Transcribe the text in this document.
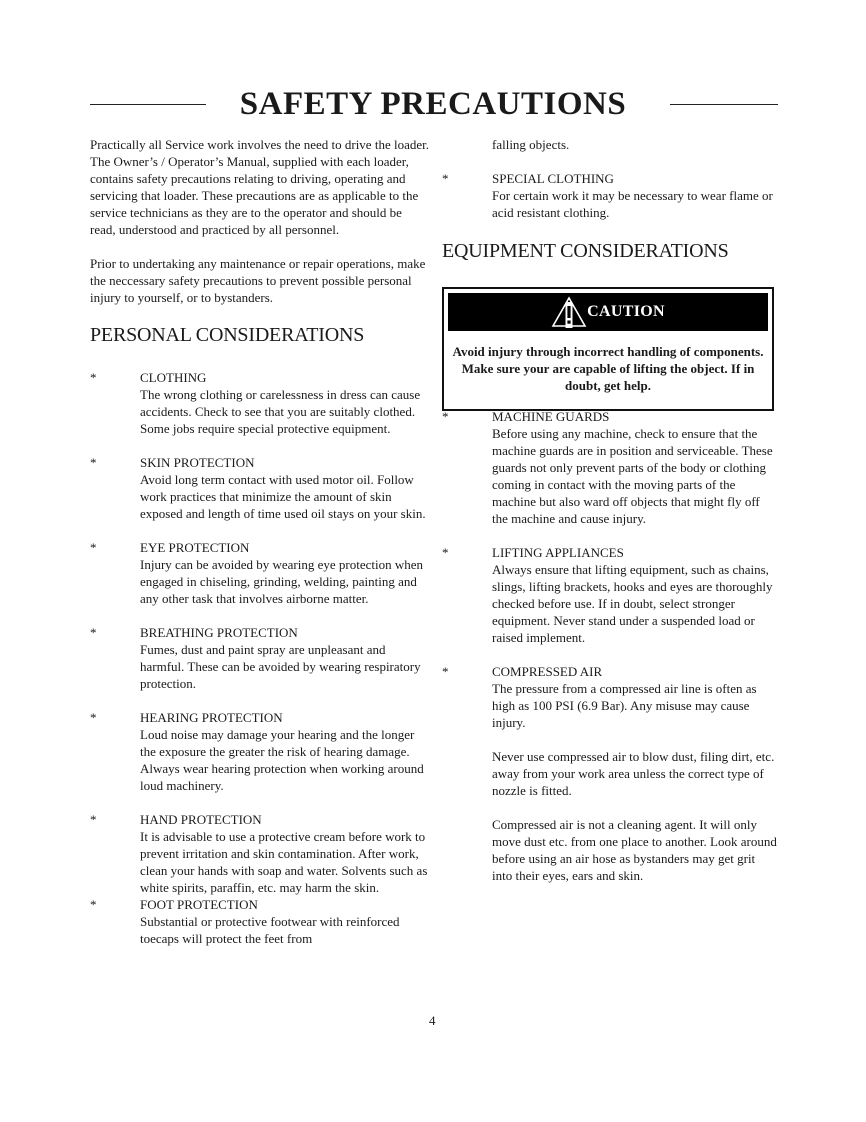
SAFETY PRECAUTIONS

Practically all Service work involves the need to drive the loader. The Owner’s / Operator’s Manual, supplied with each loader, contains safety precautions relating to driving, operating and servicing that loader. These precautions are as applicable to the service technicians as they are to the operator and should be read, understood and practiced by all personnel.

Prior to undertaking any maintenance or repair operations, make the neccessary safety precautions to prevent possible personal injury to yourself, or to bystanders.

PERSONAL CONSIDERATIONS
*	CLOTHING
The wrong clothing or carelessness in dress can cause accidents. Check to see that you are suitably clothed. Some jobs require special protective equipment.
*	SKIN PROTECTION
Avoid long term contact with used motor oil. Follow work practices that minimize the amount of skin exposed and length of time used oil stays on your skin.
*	EYE PROTECTION
Injury can be avoided by wearing eye protection when engaged in chiseling, grinding, welding, painting and any other task that involves airborne matter.
*	BREATHING PROTECTION
Fumes, dust and paint spray are unpleasant and harmful. These can be avoided by wearing respiratory protection.
*	HEARING PROTECTION
Loud noise may damage your hearing and the longer the exposure the greater the risk of hearing damage. Always wear hearing protection when working around loud machinery.
*	HAND PROTECTION
It is advisable to use a protective cream before work to prevent irritation and skin contamination. After work, clean your hands with soap and water. Solvents such as white spirits, paraffin, etc. may harm the skin.
*	FOOT PROTECTION
Substantial or protective footwear with reinforced toecaps will protect the feet from
falling objects.
*	SPECIAL CLOTHING
For certain work it may be necessary to wear flame or acid resistant clothing.
EQUIPMENT CONSIDERATIONS
*	MACHINE GUARDS
Before using any machine, check to ensure that the machine guards are in position and serviceable. These guards not only prevent parts of the body or clothing coming in contact with the moving parts of the machine but also ward off objects that might fly off the machine and cause injury.
*	LIFTING APPLIANCES
Always ensure that lifting equipment, such as chains, slings, lifting brackets, hooks and eyes are thoroughly checked before use. If in doubt, select stronger equipment. Never stand under a suspended load or raised implement.
*	COMPRESSED AIR
The pressure from a compressed air line is often as high as 100 PSI (6.9 Bar). Any misuse may cause injury.
Never use compressed air to blow dust, filing dirt, etc. away from your work area unless the correct type of nozzle is fitted.
Compressed air is not a cleaning agent. It will only move dust etc. from one place to another. Look around before using an air hose as bystanders may get grit into their eyes, ears and skin.
CAUTION
Avoid injury through incorrect handling of components. Make sure your are capable of lifting the object. If in doubt, get help.
4
